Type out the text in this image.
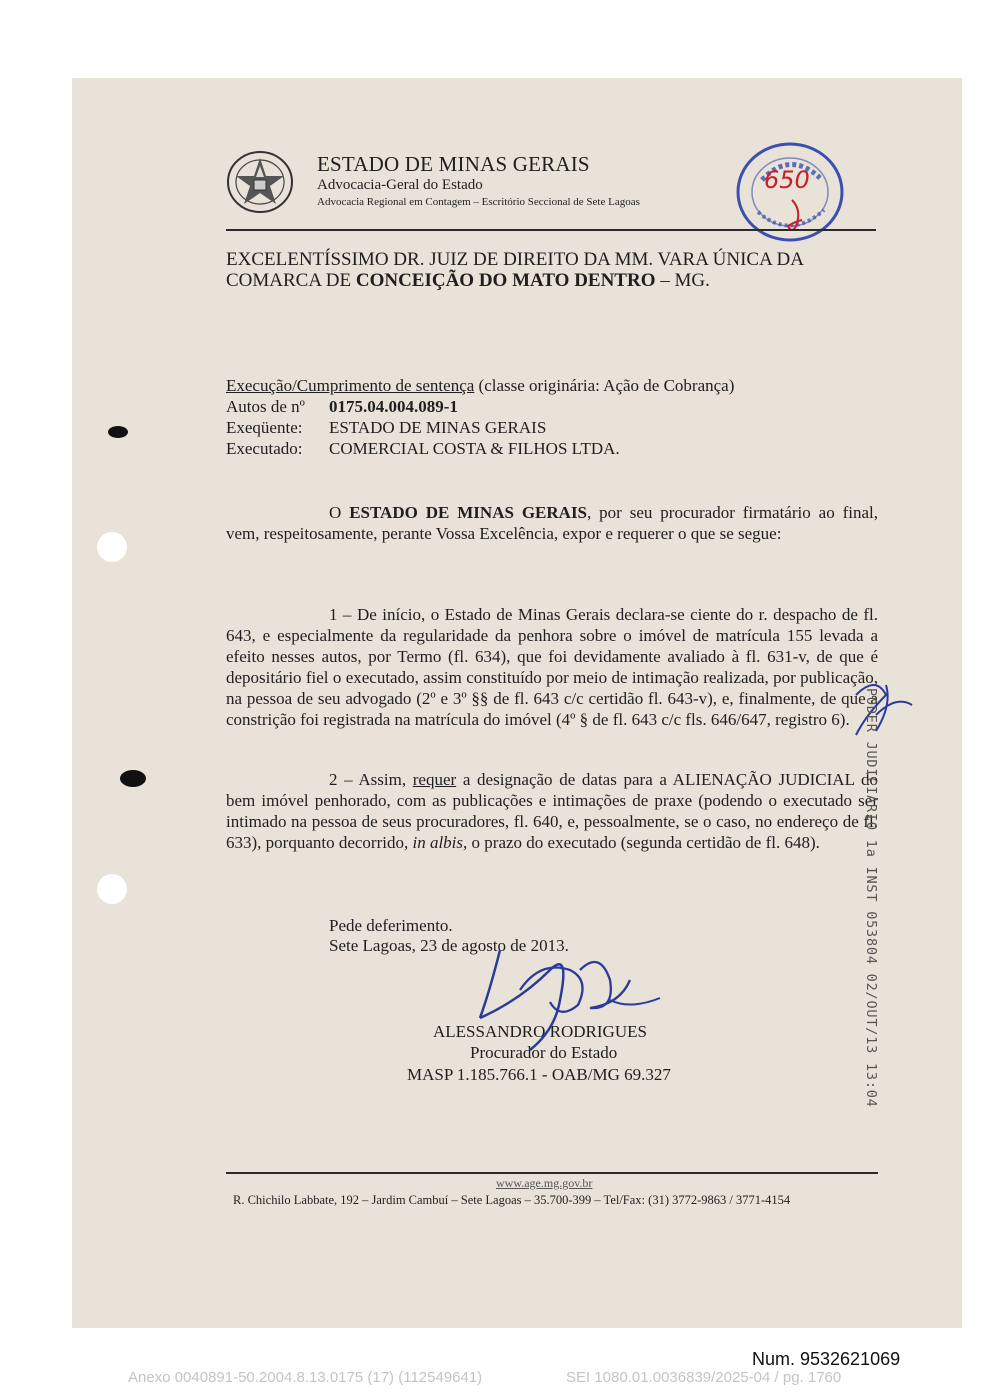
ESTADO DE MINAS GERAIS
Advocacia-Geral do Estado
Advocacia Regional em Contagem – Escritório Seccional de Sete Lagoas
650
EXCELENTÍSSIMO DR. JUIZ DE DIREITO DA MM. VARA ÚNICA DA
COMARCA DE CONCEIÇÃO DO MATO DENTRO – MG.
Execução/Cumprimento de sentença (classe originária: Ação de Cobrança)
Autos de nº 0175.04.004.089-1
Exeqüente: ESTADO DE MINAS GERAIS
Executado: COMERCIAL COSTA & FILHOS LTDA.
O ESTADO DE MINAS GERAIS, por seu procurador firmatário ao final, vem, respeitosamente, perante Vossa Excelência, expor e requerer o que se segue:
1 – De início, o Estado de Minas Gerais declara-se ciente do r. despacho de fl. 643, e especialmente da regularidade da penhora sobre o imóvel de matrícula 155 levada a efeito nesses autos, por Termo (fl. 634), que foi devidamente avaliado à fl. 631-v, de que é depositário fiel o executado, assim constituído por meio de intimação realizada, por publicação, na pessoa de seu advogado (2º e 3º §§ de fl. 643 c/c certidão fl. 643-v), e, finalmente, de que a constrição foi registrada na matrícula do imóvel (4º § de fl. 643 c/c fls. 646/647, registro 6).
2 – Assim, requer a designação de datas para a ALIENAÇÃO JUDICIAL do bem imóvel penhorado, com as publicações e intimações de praxe (podendo o executado ser intimado na pessoa de seus procuradores, fl. 640, e, pessoalmente, se o caso, no endereço de fl. 633), porquanto decorrido, in albis, o prazo do executado (segunda certidão de fl. 648).
Pede deferimento.
Sete Lagoas, 23 de agosto de 2013.
ALESSANDRO RODRIGUES
Procurador do Estado
MASP 1.185.766.1 - OAB/MG 69.327	PODER JUDICIARIO 1a INST 053804 02/OUT/13 13:04
www.age.mg.gov.br
R. Chichilo Labbate, 192 – Jardim Cambuí – Sete Lagoas – 35.700-399 – Tel/Fax: (31) 3772-9863 / 3771-4154
Num. 9532621069
Anexo 0040891-50.2004.8.13.0175 (17) (112549641)	SEI 1080.01.0036839/2025-04 / pg. 1760
